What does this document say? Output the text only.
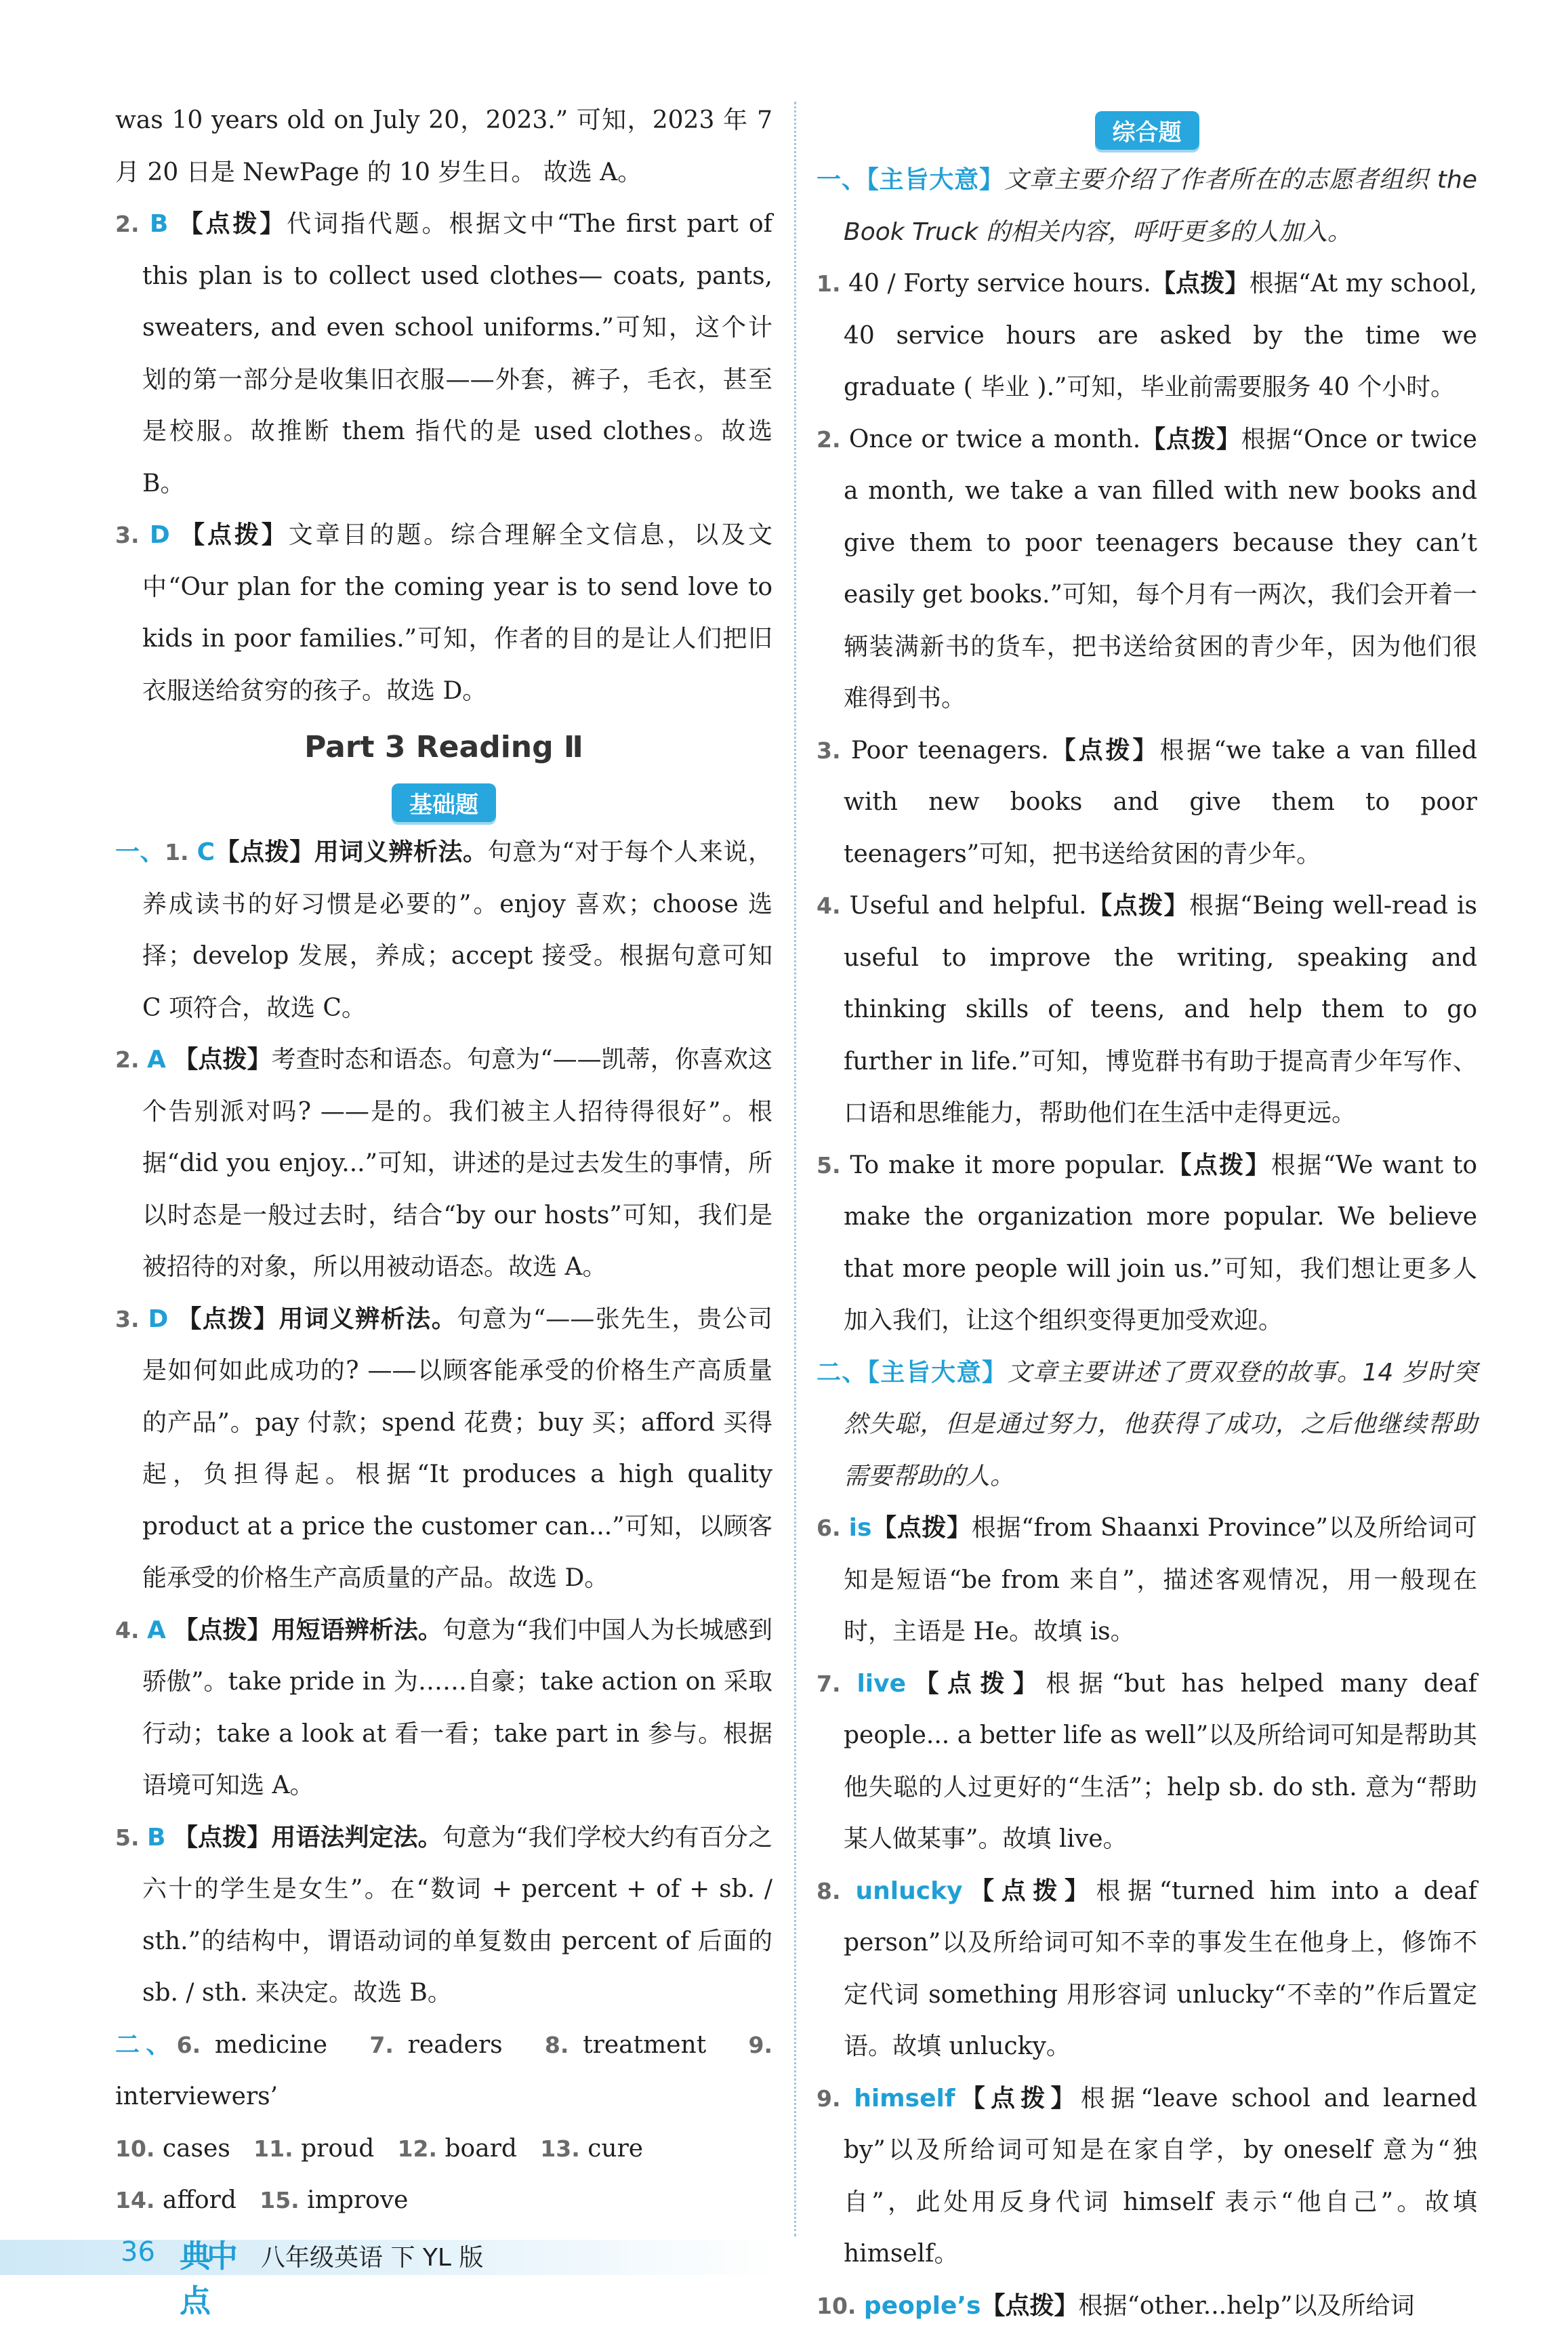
was 10 years old on July 20，2023.” 可知，2023 年 7 月 20 日是 NewPage 的 10 岁生日。 故选 A。

2. B 【点拨】代词指代题。根据文中“The first part of this plan is to collect used clothes— coats, pants, sweaters, and even school uniforms.”可知，这个计划的第一部分是收集旧衣服——外套，裤子，毛衣，甚至是校服。故推断 them 指代的是 used clothes。故选 B。

3. D 【点拨】文章目的题。综合理解全文信息，以及文中“Our plan for the coming year is to send love to kids in poor families.”可知，作者的目的是让人们把旧衣服送给贫穷的孩子。故选 D。

Part 3 Reading Ⅱ
基础题

一、1. C【点拨】用词义辨析法。句意为“对于每个人来说，养成读书的好习惯是必要的”。enjoy 喜欢；choose 选择；develop 发展，养成；accept 接受。根据句意可知 C 项符合，故选 C。

2. A 【点拨】考查时态和语态。句意为“——凯蒂，你喜欢这个告别派对吗? ——是的。我们被主人招待得很好”。根据“did you enjoy...”可知，讲述的是过去发生的事情，所以时态是一般过去时，结合“by our hosts”可知，我们是被招待的对象，所以用被动语态。故选 A。

3. D 【点拨】用词义辨析法。句意为“——张先生，贵公司是如何如此成功的? ——以顾客能承受的价格生产高质量的产品”。pay 付款；spend 花费；buy 买；afford 买得起，负担得起。根据“It produces a high quality product at a price the customer can...”可知，以顾客能承受的价格生产高质量的产品。故选 D。

4. A 【点拨】用短语辨析法。句意为“我们中国人为长城感到骄傲”。take pride in 为……自豪；take action on 采取行动；take a look at 看一看；take part in 参与。根据语境可知选 A。

5. B 【点拨】用语法判定法。句意为“我们学校大约有百分之六十的学生是女生”。在“数词 + percent + of + sb. / sth.”的结构中，谓语动词的单复数由 percent of 后面的 sb. / sth. 来决定。故选 B。

二、6. medicine 7. readers 8. treatment 9. interviewers’

10. cases 11. proud 12. board 13. cure

14. afford 15. improve

综合题

一、【主旨大意】文章主要介绍了作者所在的志愿者组织 the Book Truck 的相关内容，呼吁更多的人加入。

1. 40 / Forty service hours.【点拨】根据“At my school, 40 service hours are asked by the time we graduate ( 毕业 ).”可知，毕业前需要服务 40 个小时。

2. Once or twice a month.【点拨】根据“Once or twice a month, we take a van filled with new books and give them to poor teenagers because they can’t easily get books.”可知，每个月有一两次，我们会开着一辆装满新书的货车，把书送给贫困的青少年，因为他们很难得到书。

3. Poor teenagers.【点拨】根据“we take a van filled with new books and give them to poor teenagers”可知，把书送给贫困的青少年。

4. Useful and helpful.【点拨】根据“Being well-read is useful to improve the writing, speaking and thinking skills of teens, and help them to go further in life.”可知，博览群书有助于提高青少年写作、口语和思维能力，帮助他们在生活中走得更远。

5. To make it more popular.【点拨】根据“We want to make the organization more popular. We believe that more people will join us.”可知，我们想让更多人加入我们，让这个组织变得更加受欢迎。

二、【主旨大意】文章主要讲述了贾双登的故事。14 岁时突然失聪，但是通过努力，他获得了成功，之后他继续帮助需要帮助的人。

6. is【点拨】根据“from Shaanxi Province”以及所给词可知是短语“be from 来自”，描述客观情况，用一般现在时，主语是 He。故填 is。

7. live【点拨】根据“but has helped many deaf people... a better life as well”以及所给词可知是帮助其他失聪的人过更好的“生活”；help sb. do sth. 意为“帮助某人做某事”。故填 live。

8. unlucky【点拨】根据“turned him into a deaf person”以及所给词可知不幸的事发生在他身上，修饰不定代词 something 用形容词 unlucky“不幸的”作后置定语。故填 unlucky。

9. himself【点拨】根据“leave school and learned by”以及所给词可知是在家自学，by oneself 意为“独自”，此处用反身代词 himself 表示“他自己”。故填 himself。

10. people’s【点拨】根据“other...help”以及所给词

36 典中点
八年级英语 下 YL 版
